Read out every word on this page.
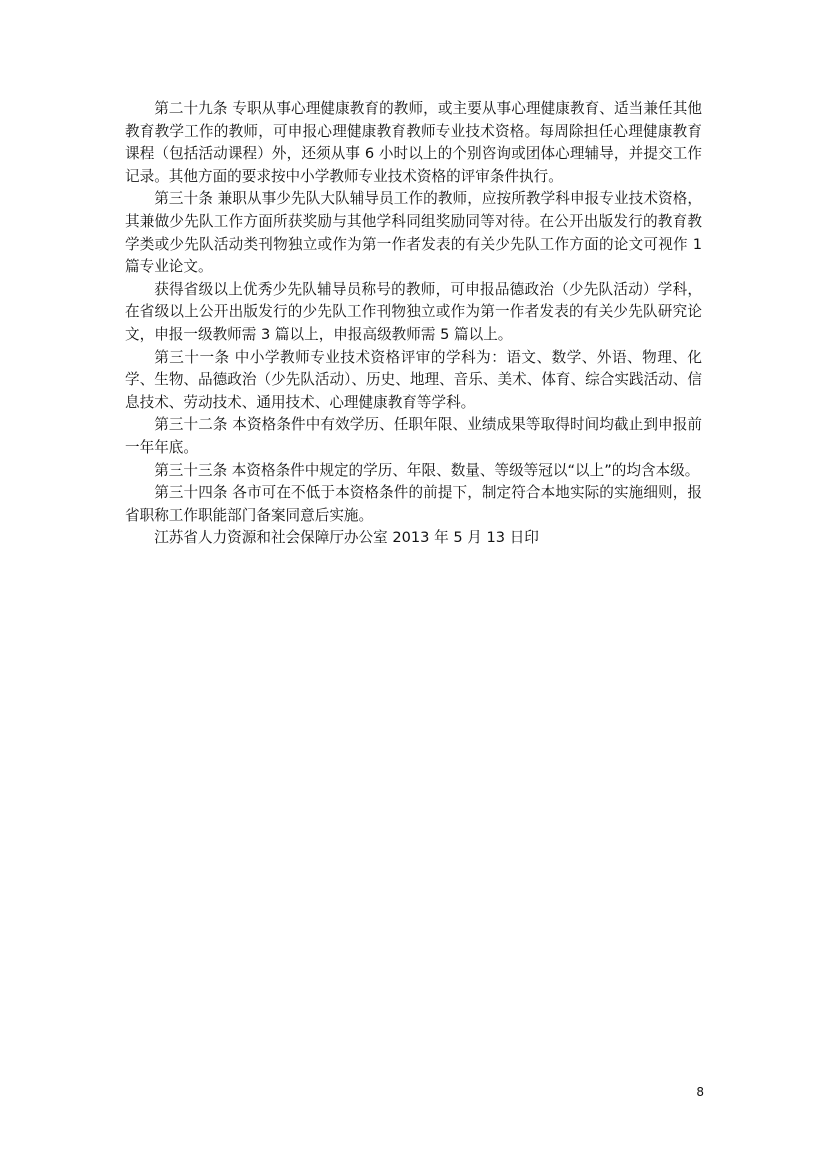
第二十九条 专职从事心理健康教育的教师，或主要从事心理健康教育、适当兼任其他教育教学工作的教师，可申报心理健康教育教师专业技术资格。每周除担任心理健康教育课程（包括活动课程）外，还须从事 6 小时以上的个别咨询或团体心理辅导，并提交工作记录。其他方面的要求按中小学教师专业技术资格的评审条件执行。

第三十条 兼职从事少先队大队辅导员工作的教师，应按所教学科申报专业技术资格，其兼做少先队工作方面所获奖励与其他学科同组奖励同等对待。在公开出版发行的教育教学类或少先队活动类刊物独立或作为第一作者发表的有关少先队工作方面的论文可视作 1 篇专业论文。

获得省级以上优秀少先队辅导员称号的教师，可申报品德政治（少先队活动）学科，在省级以上公开出版发行的少先队工作刊物独立或作为第一作者发表的有关少先队研究论文，申报一级教师需 3 篇以上，申报高级教师需 5 篇以上。

第三十一条 中小学教师专业技术资格评审的学科为：语文、数学、外语、物理、化学、生物、品德政治（少先队活动）、历史、地理、音乐、美术、体育、综合实践活动、信息技术、劳动技术、通用技术、心理健康教育等学科。

第三十二条 本资格条件中有效学历、任职年限、业绩成果等取得时间均截止到申报前一年年底。

第三十三条 本资格条件中规定的学历、年限、数量、等级等冠以“以上”的均含本级。

第三十四条 各市可在不低于本资格条件的前提下，制定符合本地实际的实施细则，报省职称工作职能部门备案同意后实施。

江苏省人力资源和社会保障厅办公室 2013 年 5 月 13 日印

8
